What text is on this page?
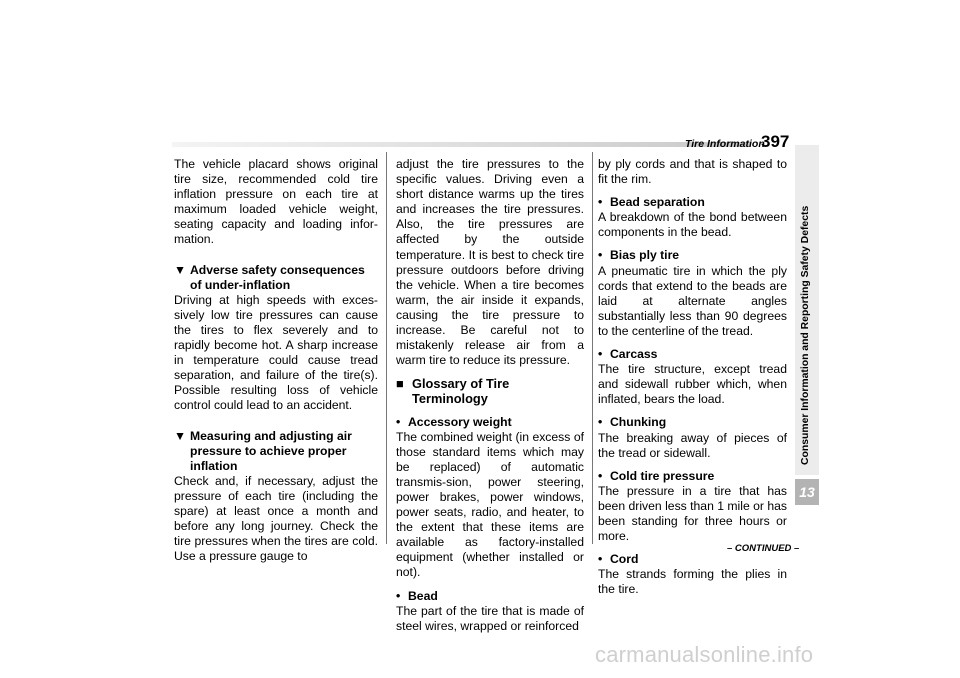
Tire Information
397

The vehicle placard shows original tire size, recommended cold tire inflation pressure on each tire at maximum loaded vehicle weight, seating capacity and loading infor-mation.

▼ Adverse safety consequences of under-inflation

Driving at high speeds with exces-sively low tire pressures can cause the tires to flex severely and to rapidly become hot. A sharp increase in temperature could cause tread separation, and failure of the tire(s). Possible resulting loss of vehicle control could lead to an accident.

▼ Measuring and adjusting air pressure to achieve proper inflation

Check and, if necessary, adjust the pressure of each tire (including the spare) at least once a month and before any long journey. Check the tire pressures when the tires are cold. Use a pressure gauge to

adjust the tire pressures to the specific values. Driving even a short distance warms up the tires and increases the tire pressures. Also, the tire pressures are affected by the outside temperature. It is best to check tire pressure outdoors before driving the vehicle. When a tire becomes warm, the air inside it expands, causing the tire pressure to increase. Be careful not to mistakenly release air from a warm tire to reduce its pressure.

■ Glossary of Tire Terminology
• Accessory weight

The combined weight (in excess of those standard items which may be replaced) of automatic transmis-sion, power steering, power brakes, power windows, power seats, radio, and heater, to the extent that these items are available as factory-installed equipment (whether installed or not).

• Bead

The part of the tire that is made of steel wires, wrapped or reinforced

by ply cords and that is shaped to fit the rim.

• Bead separation

A breakdown of the bond between components in the bead.

• Bias ply tire

A pneumatic tire in which the ply cords that extend to the beads are laid at alternate angles substantially less than 90 degrees to the centerline of the tread.

• Carcass

The tire structure, except tread and sidewall rubber which, when inflated, bears the load.

• Chunking

The breaking away of pieces of the tread or sidewall.

• Cold tire pressure

The pressure in a tire that has been driven less than 1 mile or has been standing for three hours or more.

• Cord

The strands forming the plies in the tire.

Consumer Information and Reporting Safety Defects
13
– CONTINUED –
carmanualsonline.info
